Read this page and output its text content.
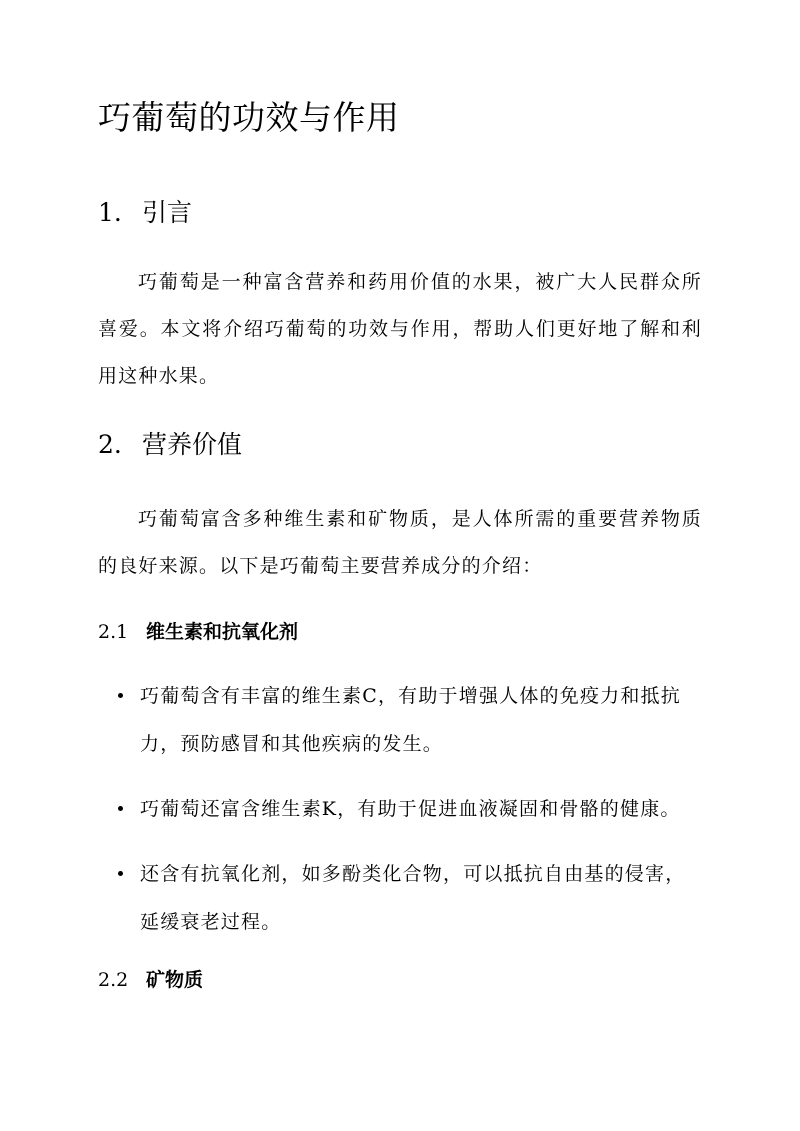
巧葡萄的功效与作用
1. 引言

巧葡萄是一种富含营养和药用价值的水果，被广大人民群众所喜爱。本文将介绍巧葡萄的功效与作用，帮助人们更好地了解和利用这种水果。

2. 营养价值

巧葡萄富含多种维生素和矿物质，是人体所需的重要营养物质的良好来源。以下是巧葡萄主要营养成分的介绍：

2.1 维生素和抗氧化剂
巧葡萄含有丰富的维生素C，有助于增强人体的免疫力和抵抗力，预防感冒和其他疾病的发生。
巧葡萄还富含维生素K，有助于促进血液凝固和骨骼的健康。
还含有抗氧化剂，如多酚类化合物，可以抵抗自由基的侵害，延缓衰老过程。
2.2 矿物质
